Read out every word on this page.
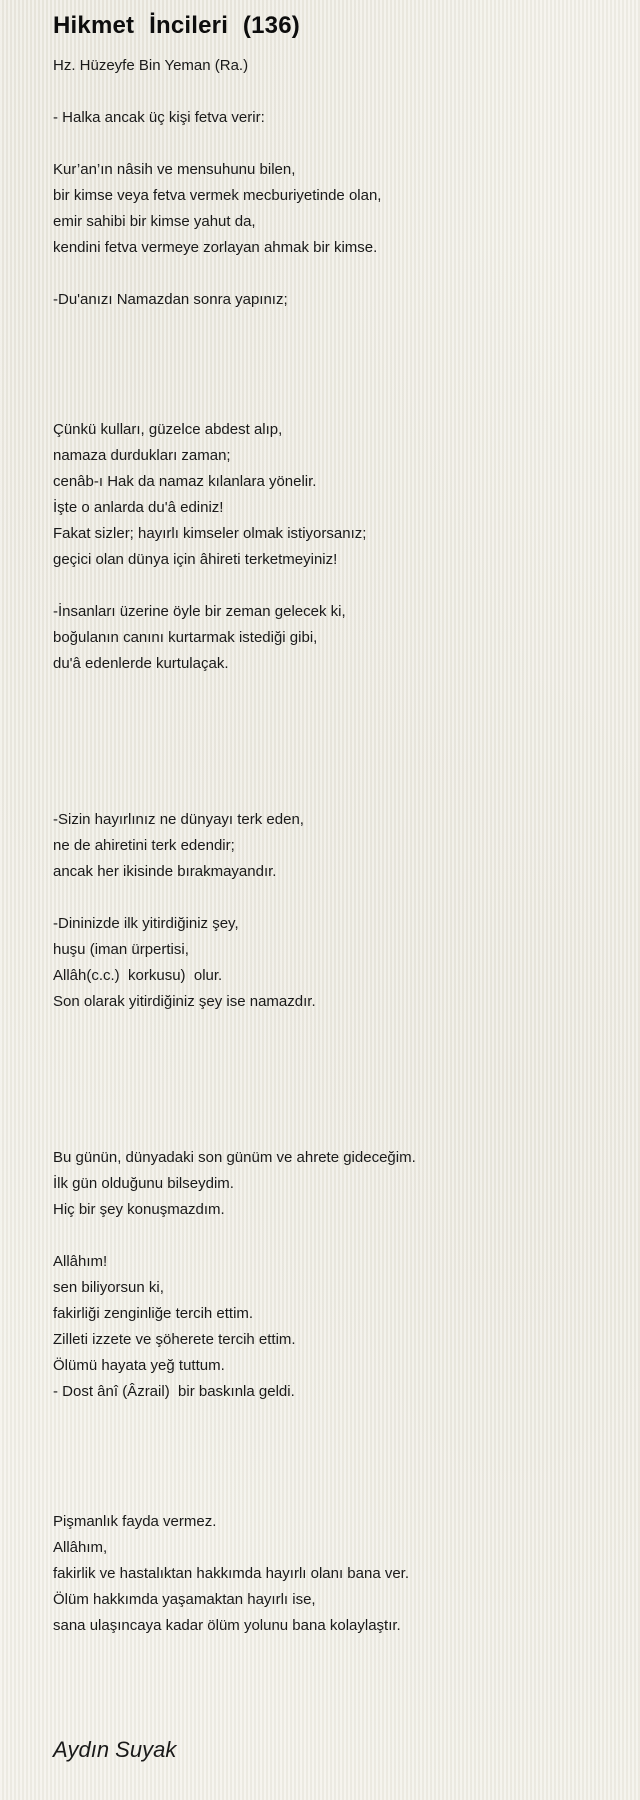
Hikmet İncileri (136)
Hz. Hüzeyfe Bin Yeman (Ra.)
- Halka ancak üç kişi fetva verir:
Kur’an’ın nâsih ve mensuhunu bilen,
bir kimse veya fetva vermek mecburiyetinde olan,
emir sahibi bir kimse yahut da,
kendini fetva vermeye zorlayan ahmak bir kimse.
-Du'anızı Namazdan sonra yapınız;
Çünkü kulları, güzelce abdest alıp,
namaza durdukları zaman;
cenâb-ı Hak da namaz kılanlara yönelir.
İşte o anlarda du'â ediniz!
Fakat sizler; hayırlı kimseler olmak istiyorsanız;
geçici olan dünya için âhireti terketmeyiniz!
-İnsanları üzerine öyle bir zeman gelecek ki,
boğulanın canını kurtarmak istediği gibi,
du'â edenlerde kurtulaçak.
-Sizin hayırlınız ne dünyayı terk eden,
ne de ahiretini terk edendir;
ancak her ikisinde bırakmayandır.
-Dininizde ilk yitirdiğiniz şey,
huşu (iman ürpertisi,
Allâh(c.c.)  korkusu)  olur.
Son olarak yitirdiğiniz şey ise namazdır.
Bu günün, dünyadaki son günüm ve ahrete gideceğim.
İlk gün olduğunu bilseydim.
Hiç bir şey konuşmazdım.
Allâhım!
sen biliyorsun ki,
fakirliği zenginliğe tercih ettim.
Zilleti izzete ve şöherete tercih ettim.
Ölümü hayata yeğ tuttum.
- Dost ânî (Âzrail)  bir baskınla geldi.
Pişmanlık fayda vermez.
Allâhım,
fakirlik ve hastalıktan hakkımda hayırlı olanı bana ver.
Ölüm hakkımda yaşamaktan hayırlı ise,
sana ulaşıncaya kadar ölüm yolunu bana kolaylaştır.
Aydın Suyak
